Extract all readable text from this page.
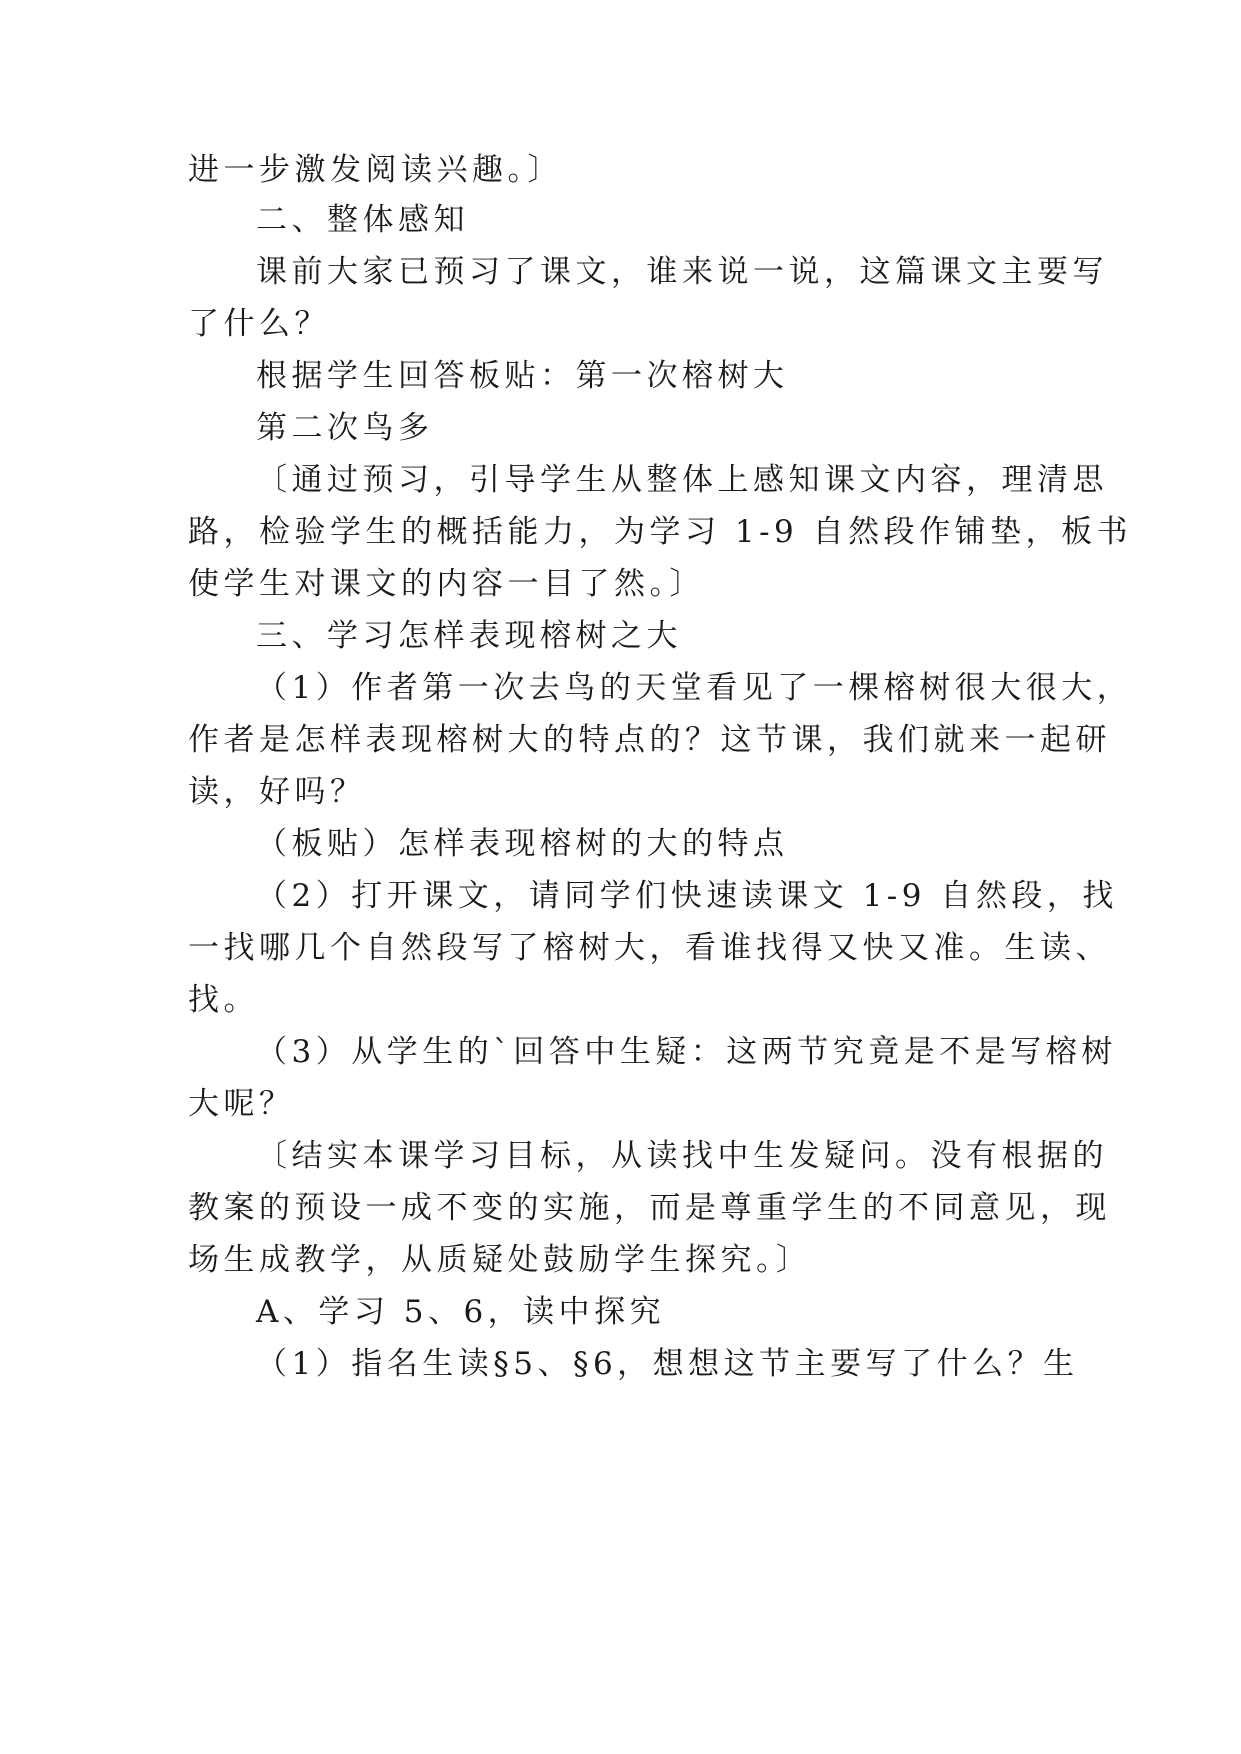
进一步激发阅读兴趣。〕
二、整体感知
课前大家已预习了课文，谁来说一说，这篇课文主要写
了什么？
根据学生回答板贴：第一次榕树大
第二次鸟多
〔通过预习，引导学生从整体上感知课文内容，理清思
路，检验学生的概括能力，为学习 1-9 自然段作铺垫，板书
使学生对课文的内容一目了然。〕
三、学习怎样表现榕树之大
（1）作者第一次去鸟的天堂看见了一棵榕树很大很大，
作者是怎样表现榕树大的特点的？这节课，我们就来一起研
读，好吗？
（板贴）怎样表现榕树的大的特点
（2）打开课文，请同学们快速读课文 1-9 自然段，找
一找哪几个自然段写了榕树大，看谁找得又快又准。生读、
找。
（3）从学生的`回答中生疑：这两节究竟是不是写榕树
大呢？
〔结实本课学习目标，从读找中生发疑问。没有根据的
教案的预设一成不变的实施，而是尊重学生的不同意见，现
场生成教学，从质疑处鼓励学生探究。〕
A、学习 5、6，读中探究
（1）指名生读§5、§6，想想这节主要写了什么？生
